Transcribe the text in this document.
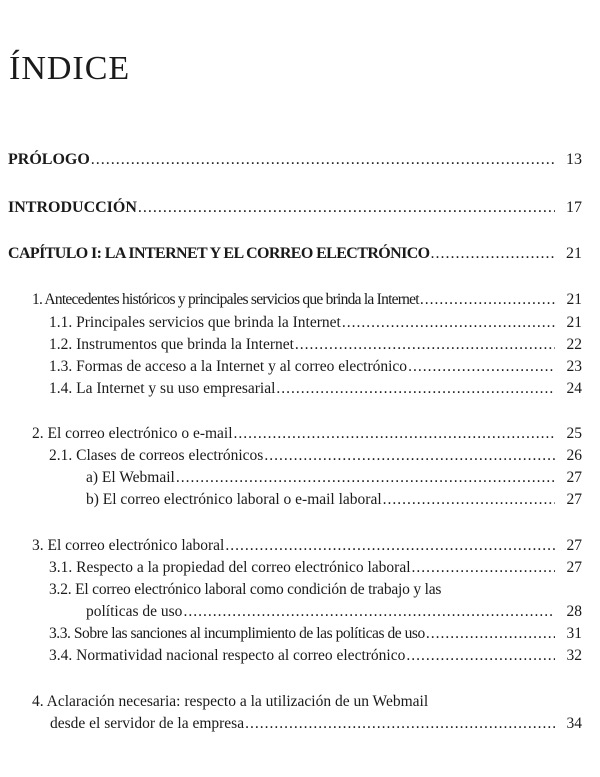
ÍNDICE
PRÓLOGO .....	13
INTRODUCCIÓN .....	17
CAPÍTULO I: LA INTERNET Y EL CORREO ELECTRÓNICO .....	21
1. Antecedentes históricos y principales servicios que brinda la Internet .....	21
1.1. Principales servicios que brinda la Internet .....	21
1.2. Instrumentos que brinda la Internet .....	22
1.3. Formas de acceso a la Internet y al correo electrónico .....	23
1.4. La Internet y su uso empresarial .....	24
2. El correo electrónico o e-mail .....	25
2.1. Clases de correos electrónicos .....	26
a) El Webmail .....	27
b) El correo electrónico laboral o e-mail laboral .....	27
3. El correo electrónico laboral .....	27
3.1. Respecto a la propiedad del correo electrónico laboral .....	27
3.2. El correo electrónico laboral como condición de trabajo y las
políticas de uso .....	28
3.3. Sobre las sanciones al incumplimiento de las políticas de uso .....	31
3.4. Normatividad nacional respecto al correo electrónico .....	32
4. Aclaración necesaria: respecto a la utilización de un Webmail
desde el servidor de la empresa .....	34
